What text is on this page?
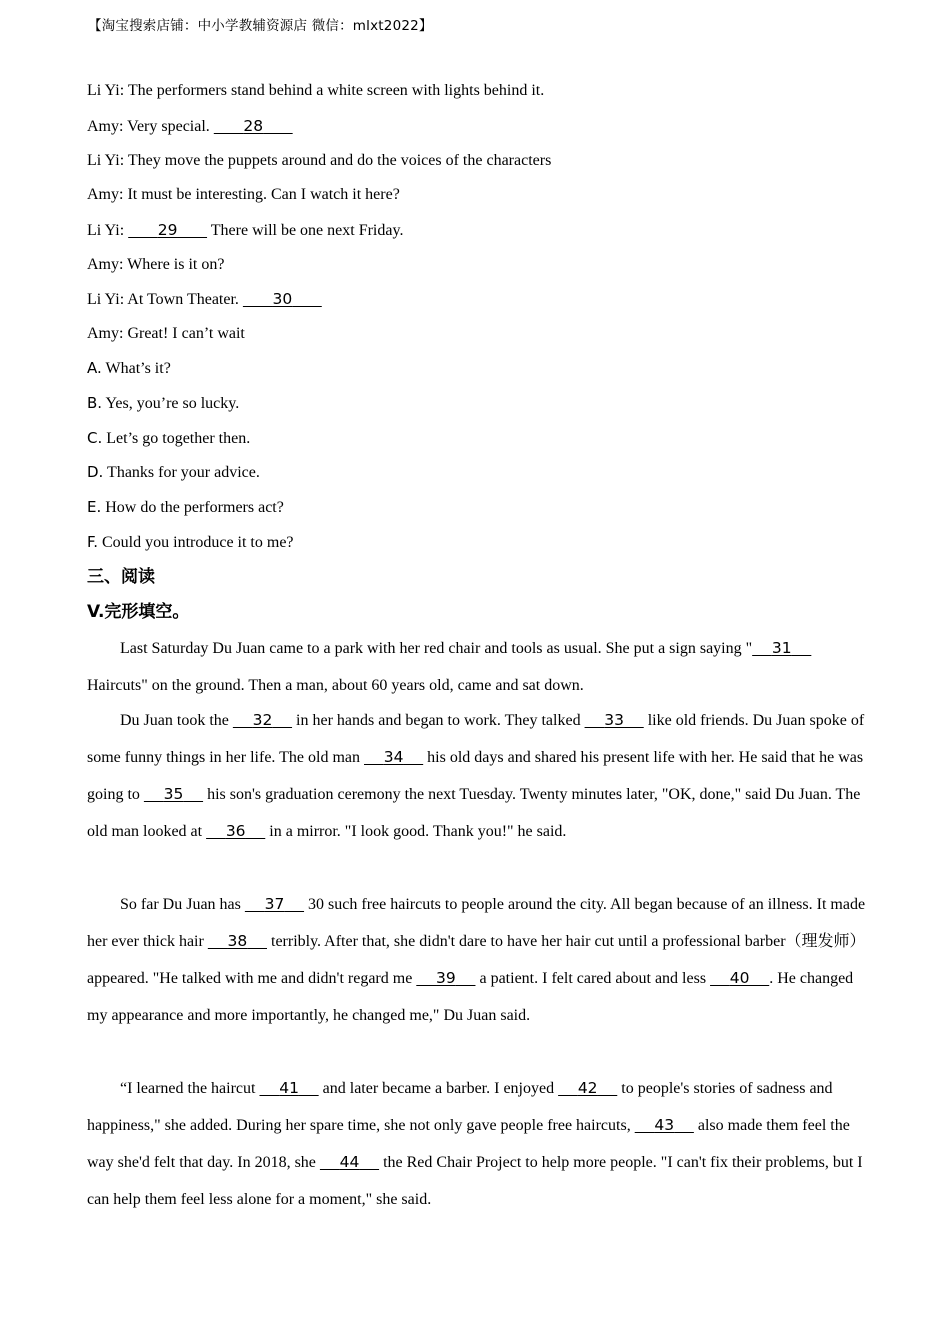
【淘宝搜索店铺：中小学教辅资源店 微信：mlxt2022】
Li Yi: The performers stand behind a white screen with lights behind it.
Amy: Very special.       28
Li Yi: They move the puppets around and do the voices of the characters
Amy: It must be interesting. Can I watch it here?
Li Yi:       29       There will be one next Friday.
Amy: Where is it on?
Li Yi: At Town Theater.       30
Amy: Great! I can’t wait
A. What’s it?
B. Yes, you’re so lucky.
C. Let’s go together then.
D. Thanks for your advice.
E. How do the performers act?
F. Could you introduce it to me?
三、阅读
V.完形填空。
Last Saturday Du Juan came to a park with her red chair and tools as usual. She put a sign saying " 31     Haircuts" on the ground. Then a man, about 60 years old, came and sat down.
Du Juan took the     32     in her hands and began to work. They talked     33     like old friends. Du Juan spoke of some funny things in her life. The old man     34     his old days and shared his present life with her. He said that he was going to     35     his son's graduation ceremony the next Tuesday. Twenty minutes later, "OK, done," said Du Juan. The old man looked at     36     in a mirror. "I look good. Thank you!" he said.
So far Du Juan has     37     30 such free haircuts to people around the city. All began because of an illness. It made her ever thick hair     38     terribly. After that, she didn't dare to have her hair cut until a professional barber（理发师）appeared. "He talked with me and didn't regard me     39     a patient. I felt cared about and less     40 . He changed my appearance and more importantly, he changed me," Du Juan said.
“I learned the haircut     41     and later became a barber. I enjoyed     42     to people's stories of sadness and happiness," she added. During her spare time, she not only gave people free haircuts,     43     also made them feel the way she'd felt that day. In 2018, she     44     the Red Chair Project to help more people. "I can't fix their problems, but I can help them feel less alone for a moment," she said.
